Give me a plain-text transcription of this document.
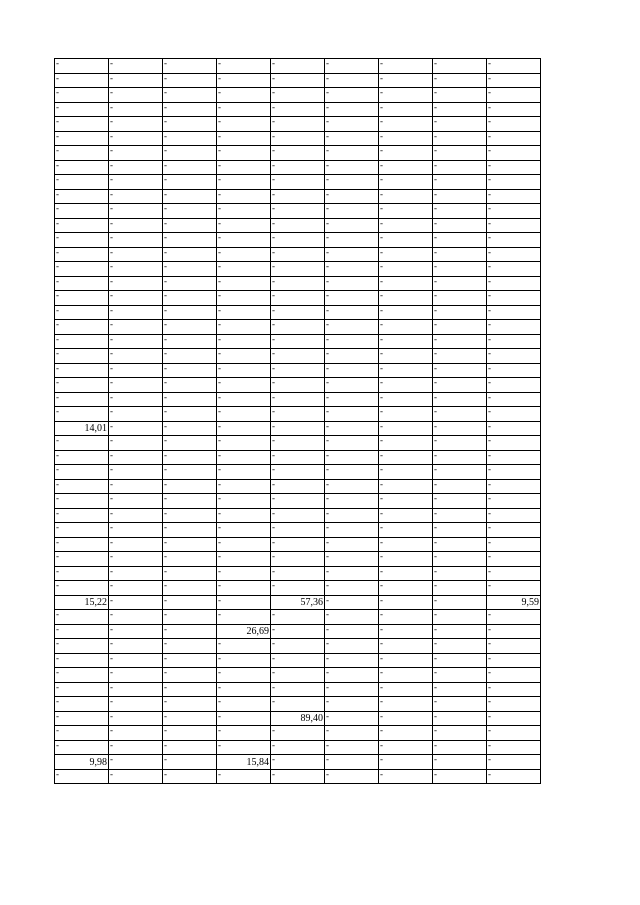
-	-	-	-	-	-	-	-	-
-	-	-	-	-	-	-	-	-
-	-	-	-	-	-	-	-	-
-	-	-	-	-	-	-	-	-
-	-	-	-	-	-	-	-	-
-	-	-	-	-	-	-	-	-
-	-	-	-	-	-	-	-	-
-	-	-	-	-	-	-	-	-
-	-	-	-	-	-	-	-	-
-	-	-	-	-	-	-	-	-
-	-	-	-	-	-	-	-	-
-	-	-	-	-	-	-	-	-
-	-	-	-	-	-	-	-	-
-	-	-	-	-	-	-	-	-
-	-	-	-	-	-	-	-	-
-	-	-	-	-	-	-	-	-
-	-	-	-	-	-	-	-	-
-	-	-	-	-	-	-	-	-
-	-	-	-	-	-	-	-	-
-	-	-	-	-	-	-	-	-
-	-	-	-	-	-	-	-	-
-	-	-	-	-	-	-	-	-
-	-	-	-	-	-	-	-	-
-	-	-	-	-	-	-	-	-
-	-	-	-	-	-	-	-	-
14,01	-	-	-	-	-	-	-	-
-	-	-	-	-	-	-	-	-
-	-	-	-	-	-	-	-	-
-	-	-	-	-	-	-	-	-
-	-	-	-	-	-	-	-	-
-	-	-	-	-	-	-	-	-
-	-	-	-	-	-	-	-	-
-	-	-	-	-	-	-	-	-
-	-	-	-	-	-	-	-	-
-	-	-	-	-	-	-	-	-
-	-	-	-	-	-	-	-	-
-	-	-	-	-	-	-	-	-
15,22	-	-	-	57,36	-	-	-	9,59
-	-	-	-	-	-	-	-	-
-	-	-	26,69	-	-	-	-	-
-	-	-	-	-	-	-	-	-
-	-	-	-	-	-	-	-	-
-	-	-	-	-	-	-	-	-
-	-	-	-	-	-	-	-	-
-	-	-	-	-	-	-	-	-
-	-	-	-	89,40	-	-	-	-
-	-	-	-	-	-	-	-	-
-	-	-	-	-	-	-	-	-
9,98	-	-	15,84	-	-	-	-	-
-	-	-	-	-	-	-	-	-
